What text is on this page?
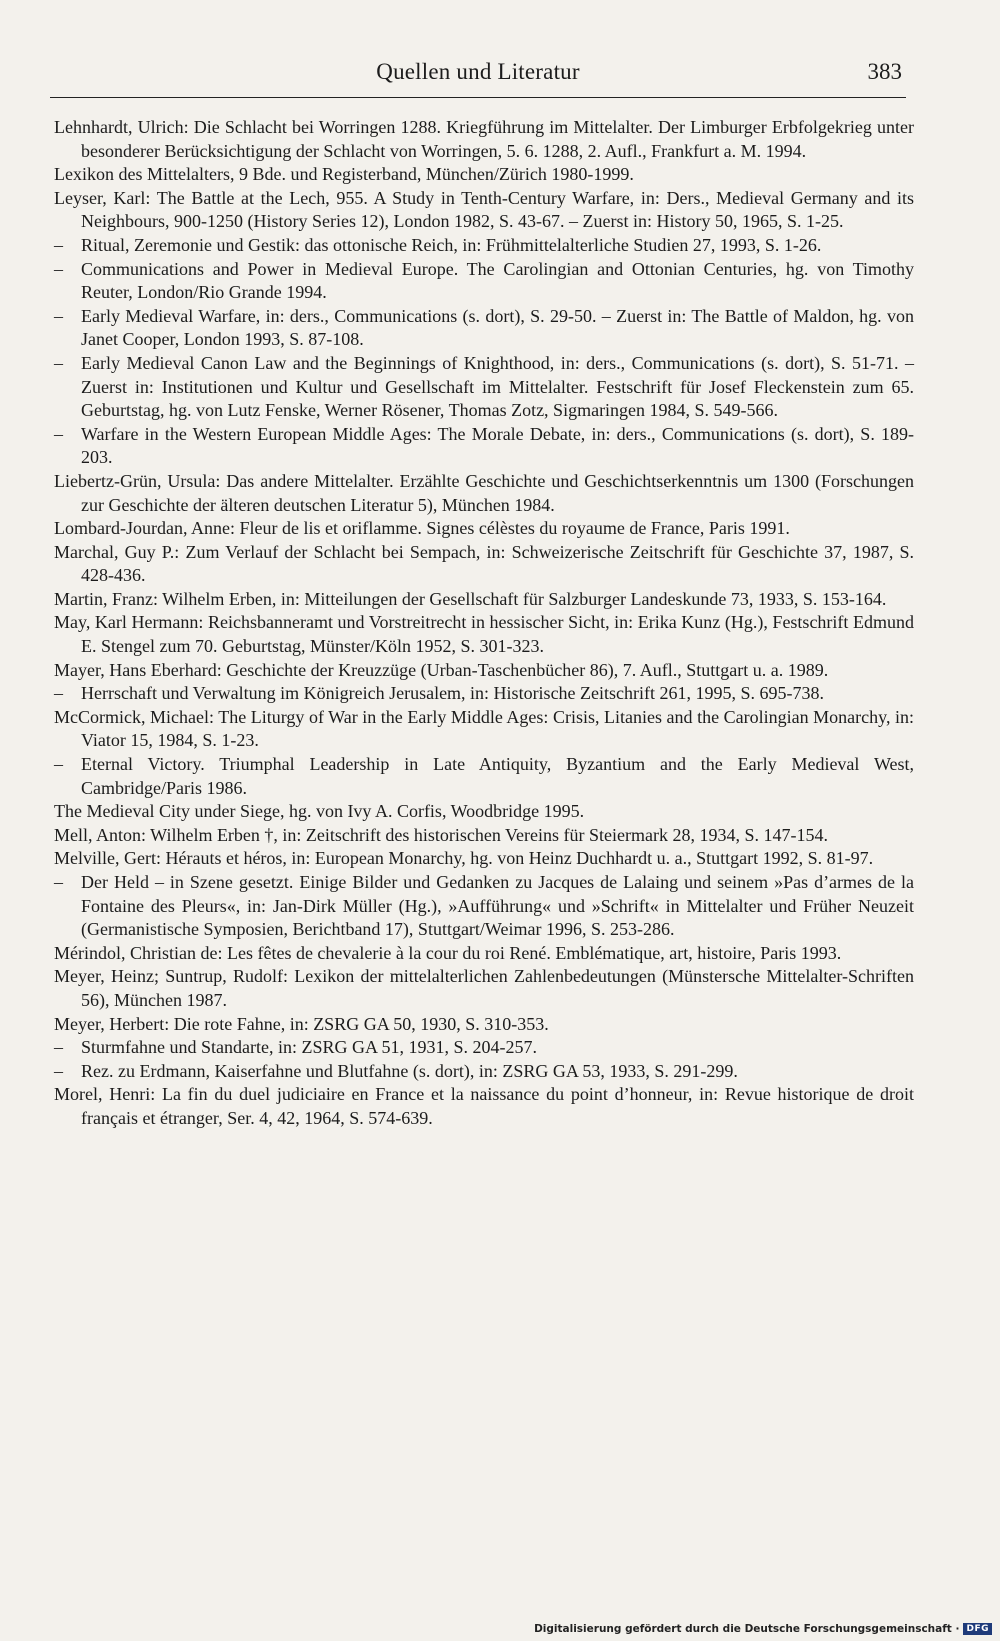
Quellen und Literatur	383
Lehnhardt, Ulrich: Die Schlacht bei Worringen 1288. Kriegführung im Mittelalter. Der Limburger Erbfolgekrieg unter besonderer Berücksichtigung der Schlacht von Worringen, 5. 6. 1288, 2. Aufl., Frankfurt a. M. 1994.
Lexikon des Mittelalters, 9 Bde. und Registerband, München/Zürich 1980-1999.
Leyser, Karl: The Battle at the Lech, 955. A Study in Tenth-Century Warfare, in: Ders., Medieval Germany and its Neighbours, 900-1250 (History Series 12), London 1982, S. 43-67. – Zuerst in: History 50, 1965, S. 1-25.
– Ritual, Zeremonie und Gestik: das ottonische Reich, in: Frühmittelalterliche Studien 27, 1993, S. 1-26.
– Communications and Power in Medieval Europe. The Carolingian and Ottonian Centuries, hg. von Timothy Reuter, London/Rio Grande 1994.
– Early Medieval Warfare, in: ders., Communications (s. dort), S. 29-50. – Zuerst in: The Battle of Maldon, hg. von Janet Cooper, London 1993, S. 87-108.
– Early Medieval Canon Law and the Beginnings of Knighthood, in: ders., Communications (s. dort), S. 51-71. – Zuerst in: Institutionen und Kultur und Gesellschaft im Mittelalter. Festschrift für Josef Fleckenstein zum 65. Geburtstag, hg. von Lutz Fenske, Werner Rösener, Thomas Zotz, Sigmaringen 1984, S. 549-566.
– Warfare in the Western European Middle Ages: The Morale Debate, in: ders., Communications (s. dort), S. 189-203.
Liebertz-Grün, Ursula: Das andere Mittelalter. Erzählte Geschichte und Geschichtserkenntnis um 1300 (Forschungen zur Geschichte der älteren deutschen Literatur 5), München 1984.
Lombard-Jourdan, Anne: Fleur de lis et oriflamme. Signes célèstes du royaume de France, Paris 1991.
Marchal, Guy P.: Zum Verlauf der Schlacht bei Sempach, in: Schweizerische Zeitschrift für Geschichte 37, 1987, S. 428-436.
Martin, Franz: Wilhelm Erben, in: Mitteilungen der Gesellschaft für Salzburger Landeskunde 73, 1933, S. 153-164.
May, Karl Hermann: Reichsbanneramt und Vorstreitrecht in hessischer Sicht, in: Erika Kunz (Hg.), Festschrift Edmund E. Stengel zum 70. Geburtstag, Münster/Köln 1952, S. 301-323.
Mayer, Hans Eberhard: Geschichte der Kreuzzüge (Urban-Taschenbücher 86), 7. Aufl., Stuttgart u. a. 1989.
– Herrschaft und Verwaltung im Königreich Jerusalem, in: Historische Zeitschrift 261, 1995, S. 695-738.
McCormick, Michael: The Liturgy of War in the Early Middle Ages: Crisis, Litanies and the Carolingian Monarchy, in: Viator 15, 1984, S. 1-23.
– Eternal Victory. Triumphal Leadership in Late Antiquity, Byzantium and the Early Medieval West, Cambridge/Paris 1986.
The Medieval City under Siege, hg. von Ivy A. Corfis, Woodbridge 1995.
Mell, Anton: Wilhelm Erben †, in: Zeitschrift des historischen Vereins für Steiermark 28, 1934, S. 147-154.
Melville, Gert: Hérauts et héros, in: European Monarchy, hg. von Heinz Duchhardt u. a., Stuttgart 1992, S. 81-97.
– Der Held – in Szene gesetzt. Einige Bilder und Gedanken zu Jacques de Lalaing und seinem »Pas d’armes de la Fontaine des Pleurs«, in: Jan-Dirk Müller (Hg.), »Aufführung« und »Schrift« in Mittelalter und Früher Neuzeit (Germanistische Symposien, Berichtband 17), Stuttgart/Weimar 1996, S. 253-286.
Mérindol, Christian de: Les fêtes de chevalerie à la cour du roi René. Emblématique, art, histoire, Paris 1993.
Meyer, Heinz; Suntrup, Rudolf: Lexikon der mittelalterlichen Zahlenbedeutungen (Münstersche Mittelalter-Schriften 56), München 1987.
Meyer, Herbert: Die rote Fahne, in: ZSRG GA 50, 1930, S. 310-353.
– Sturmfahne und Standarte, in: ZSRG GA 51, 1931, S. 204-257.
– Rez. zu Erdmann, Kaiserfahne und Blutfahne (s. dort), in: ZSRG GA 53, 1933, S. 291-299.
Morel, Henri: La fin du duel judiciaire en France et la naissance du point d’honneur, in: Revue historique de droit français et étranger, Ser. 4, 42, 1964, S. 574-639.
Digitalisierung gefördert durch die Deutsche Forschungsgemeinschaft · DFG
